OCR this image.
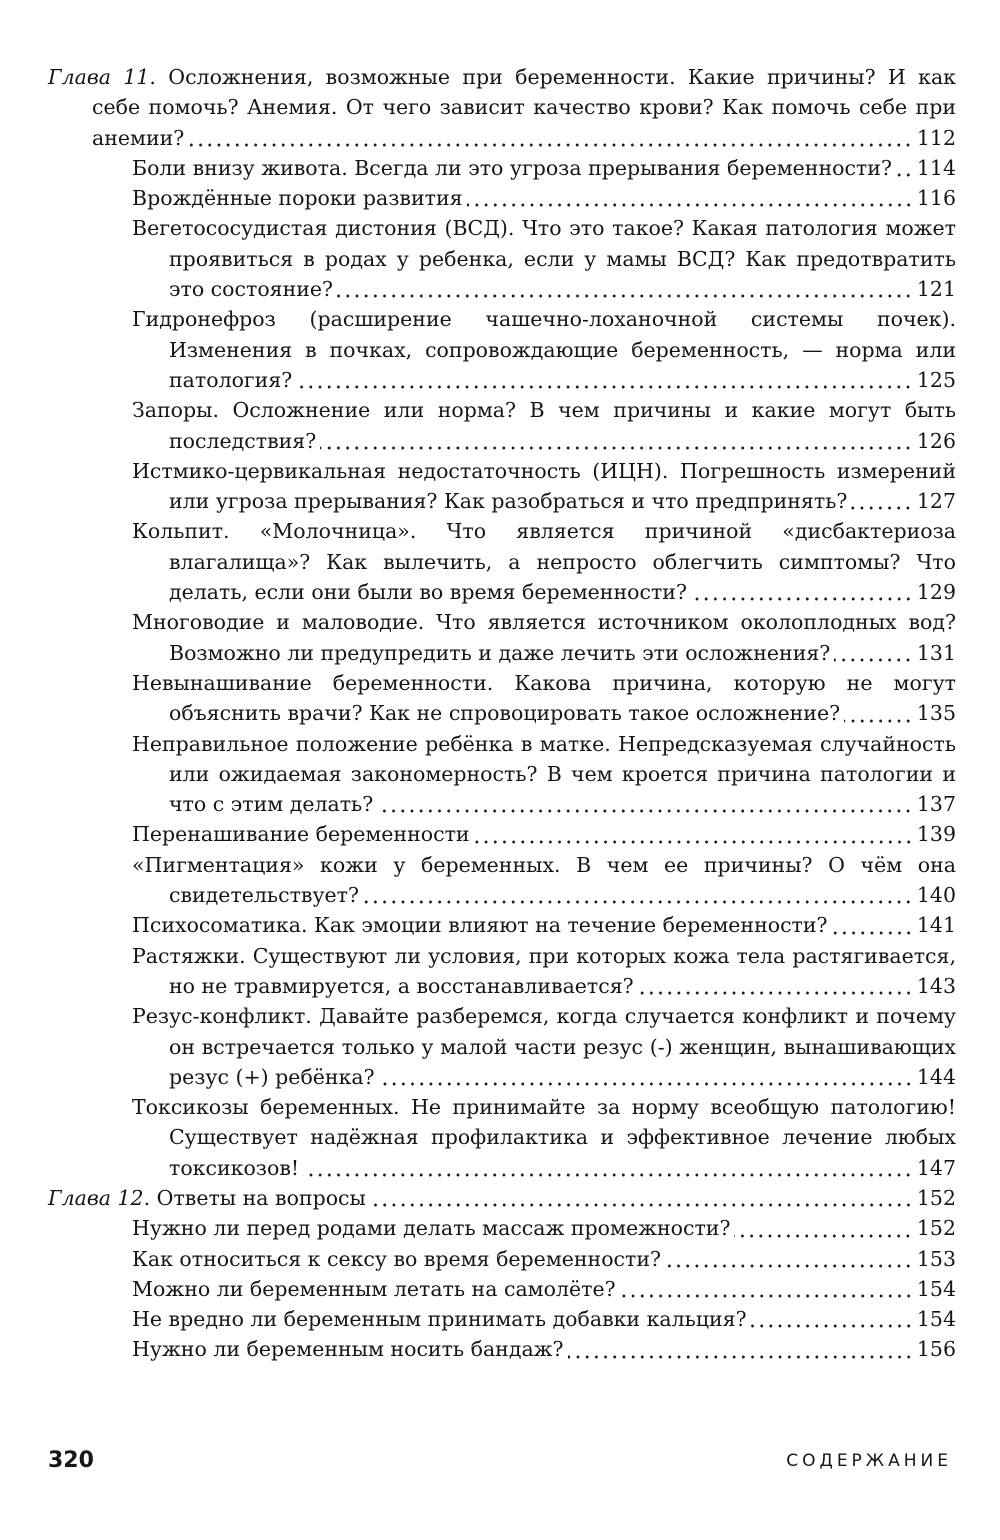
Глава 11. Осложнения, возможные при беременности. Какие причины? И как себе помочь? Анемия. От чего зависит качество крови? Как помочь себе при анемии?	112

Боли внизу живота. Всегда ли это угроза прерывания беременности? 114

Врождённые пороки развития	116

Вегетососудистая дистония (ВСД). Что это такое? Какая патология может проявиться в родах у ребенка, если у мамы ВСД? Как предотвратить это состояние?	121

Гидронефроз (расширение чашечно-лоханочной системы почек). Изменения в почках, сопровождающие беременность, — норма или патология?	125

Запоры. Осложнение или норма? В чем причины и какие могут быть последствия?	126

Истмико-цервикальная недостаточность (ИЦН). Погрешность измерений или угроза прерывания? Как разобраться и что предпринять?	127

Кольпит. «Молочница». Что является причиной «дисбактериоза влагалища»? Как вылечить, а непросто облегчить симптомы? Что делать, если они были во время беременности?	129

Многоводие и маловодие. Что является источником околоплодных вод? Возможно ли предупредить и даже лечить эти осложнения?	131

Невынашивание беременности. Какова причина, которую не могут объяснить врачи? Как не спровоцировать такое осложнение?	135

Неправильное положение ребёнка в матке. Непредсказуемая случайность или ожидаемая закономерность? В чем кроется причина патологии и что с этим делать?	137

Перенашивание беременности	139

«Пигментация» кожи у беременных. В чем ее причины? О чём она свидетельствует?	140

Психосоматика. Как эмоции влияют на течение беременности?	141

Растяжки. Существуют ли условия, при которых кожа тела растягивается, но не травмируется, а восстанавливается?	143

Резус-конфликт. Давайте разберемся, когда случается конфликт и почему он встречается только у малой части резус (-) женщин, вынашивающих резус (+) ребёнка?	144

Токсикозы беременных. Не принимайте за норму всеобщую патологию! Существует надёжная профилактика и эффективное лечение любых токсикозов!	147

Глава 12. Ответы на вопросы	152

Нужно ли перед родами делать массаж промежности?	152

Как относиться к сексу во время беременности?	153

Можно ли беременным летать на самолёте?	154

Не вредно ли беременным принимать добавки кальция?	154

Нужно ли беременным носить бандаж?	156

320	СОДЕРЖАНИЕ
